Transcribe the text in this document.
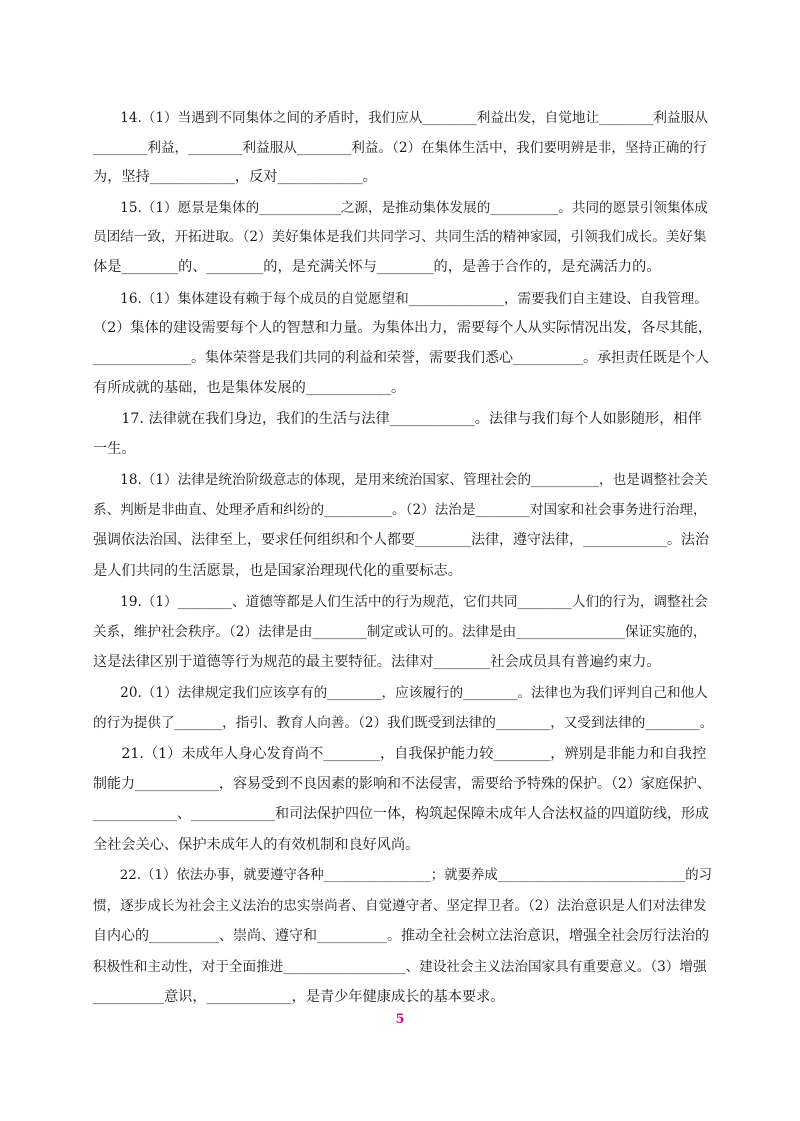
　　14.（1）当遇到不同集体之间的矛盾时，我们应从________利益出发，自觉地让________利益服从
________利益，________利益服从________利益。（2）在集体生活中，我们要明辨是非，坚持正确的行
为，坚持____________，反对____________。
　　15.（1）愿景是集体的____________之源，是推动集体发展的__________。共同的愿景引领集体成
员团结一致，开拓进取。（2）美好集体是我们共同学习、共同生活的精神家园，引领我们成长。美好集
体是________的、________的，是充满关怀与________的，是善于合作的，是充满活力的。
　　16.（1）集体建设有赖于每个成员的自觉愿望和______________，需要我们自主建设、自我管理。
（2）集体的建设需要每个人的智慧和力量。为集体出力，需要每个人从实际情况出发，各尽其能，
______________。集体荣誉是我们共同的利益和荣誉，需要我们悉心__________。承担责任既是个人
有所成就的基础，也是集体发展的____________。
　　17. 法律就在我们身边，我们的生活与法律____________。法律与我们每个人如影随形，相伴
一生。
　　18.（1）法律是统治阶级意志的体现，是用来统治国家、管理社会的__________，也是调整社会关
系、判断是非曲直、处理矛盾和纠纷的__________。（2）法治是________对国家和社会事务进行治理，
强调依法治国、法律至上，要求任何组织和个人都要________法律，遵守法律，____________。法治
是人们共同的生活愿景，也是国家治理现代化的重要标志。
　　19.（1）________、道德等都是人们生活中的行为规范，它们共同________人们的行为，调整社会
关系，维护社会秩序。（2）法律是由________制定或认可的。法律是由________________保证实施的，
这是法律区别于道德等行为规范的最主要特征。法律对________社会成员具有普遍约束力。
　　20.（1）法律规定我们应该享有的________，应该履行的________。法律也为我们评判自己和他人
的行为提供了_______，指引、教育人向善。（2）我们既受到法律的________，又受到法律的________。
　　21.（1）未成年人身心发育尚不________，自我保护能力较________，辨别是非能力和自我控
制能力____________，容易受到不良因素的影响和不法侵害，需要给予特殊的保护。（2）家庭保护、
____________、____________和司法保护四位一体，构筑起保障未成年人合法权益的四道防线，形成
全社会关心、保护未成年人的有效机制和良好风尚。
　　22.（1）依法办事，就要遵守各种________________；就要养成____________________________的习
惯，逐步成长为社会主义法治的忠实崇尚者、自觉遵守者、坚定捍卫者。（2）法治意识是人们对法律发
自内心的__________、崇尚、遵守和__________。推动全社会树立法治意识，增强全社会厉行法治的
积极性和主动性，对于全面推进__________________、建设社会主义法治国家具有重要意义。（3）增强
__________意识，____________，是青少年健康成长的基本要求。
5
